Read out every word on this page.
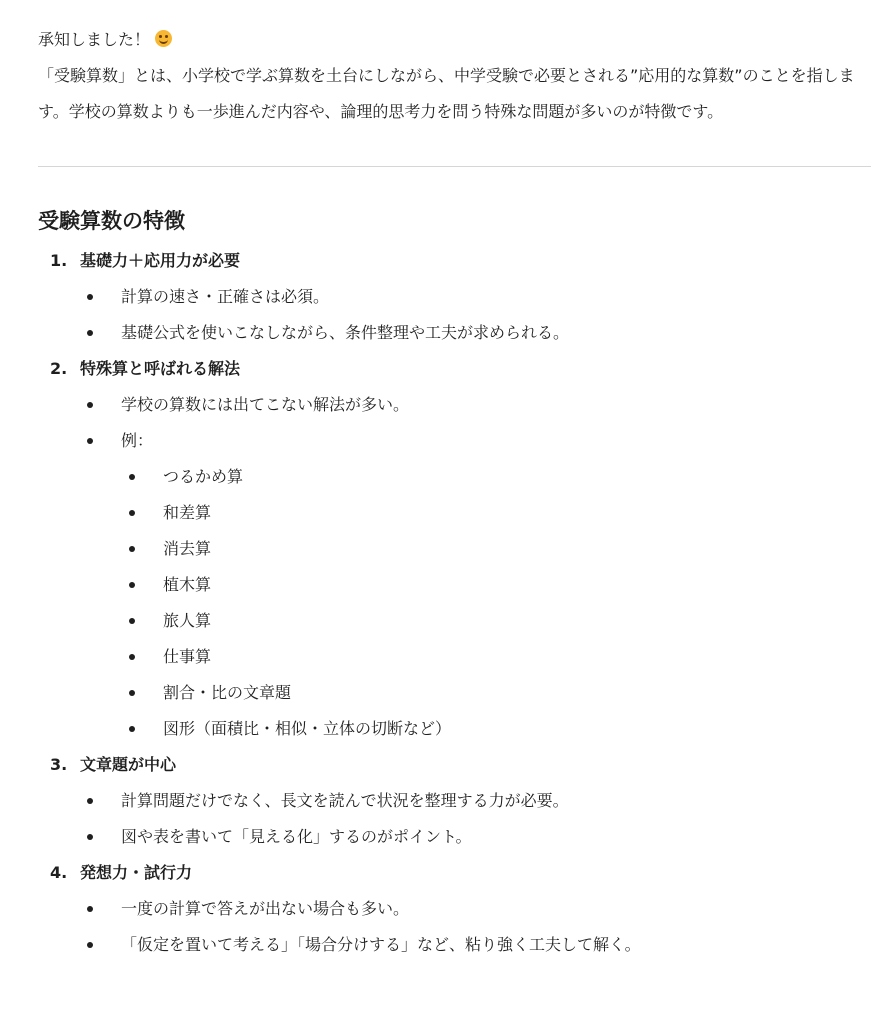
承知しました！

「受験算数」とは、小学校で学ぶ算数を土台にしながら、中学受験で必要とされる”応用的な算数”のことを指します。学校の算数よりも一歩進んだ内容や、論理的思考力を問う特殊な問題が多いのが特徴です。

受験算数の特徴
1. 基礎力＋応用力が必要
計算の速さ・正確さは必須。
基礎公式を使いこなしながら、条件整理や工夫が求められる。
2. 特殊算と呼ばれる解法
学校の算数には出てこない解法が多い。
例：
つるかめ算
和差算
消去算
植木算
旅人算
仕事算
割合・比の文章題
図形（面積比・相似・立体の切断など）
3. 文章題が中心
計算問題だけでなく、長文を読んで状況を整理する力が必要。
図や表を書いて「見える化」するのがポイント。
4. 発想力・試行力
一度の計算で答えが出ない場合も多い。
「仮定を置いて考える」「場合分けする」など、粘り強く工夫して解く。
